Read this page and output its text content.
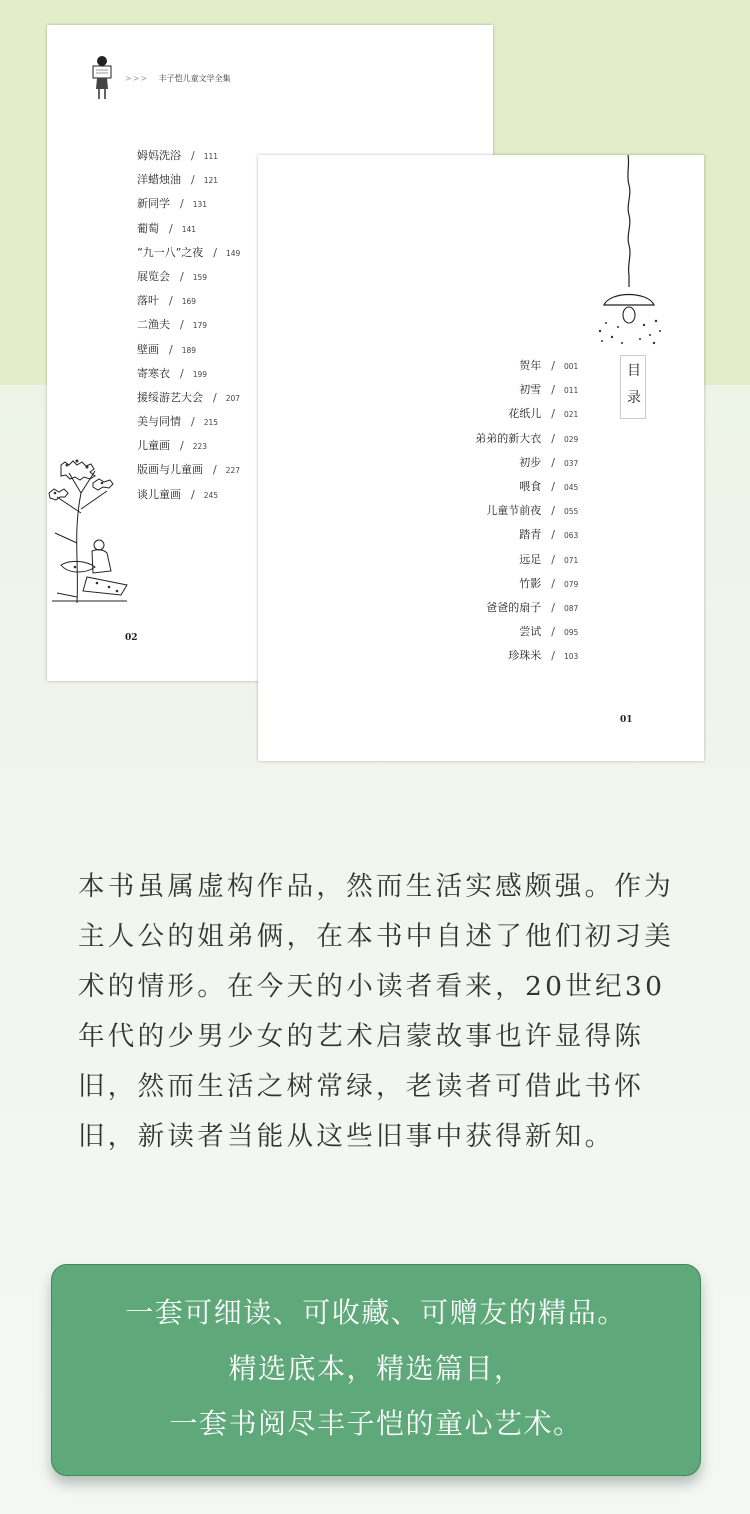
>>> 丰子恺儿童文学全集
姆妈洗浴 / 111
洋蜡烛油 / 121
新同学 / 131
葡萄 / 141
“九一八”之夜 / 149
展览会 / 159
落叶 / 169
二渔夫 / 179
壁画 / 189
寄寒衣 / 199
援绥游艺大会 / 207
美与同情 / 215
儿童画 / 223
版画与儿童画 / 227
谈儿童画 / 245
02
目
录
贺年 / 001
初雪 / 011
花纸儿 / 021
弟弟的新大衣 / 029
初步 / 037
喂食 / 045
儿童节前夜 / 055
踏青 / 063
远足 / 071
竹影 / 079
爸爸的扇子 / 087
尝试 / 095
珍珠米 / 103
01
本书虽属虚构作品，然而生活实感颇强。作为主人公的姐弟俩，在本书中自述了他们初习美术的情形。在今天的小读者看来，20世纪30年代的少男少女的艺术启蒙故事也许显得陈旧，然而生活之树常绿，老读者可借此书怀旧，新读者当能从这些旧事中获得新知。
一套可细读、可收藏、可赠友的精品。
精选底本，精选篇目，
一套书阅尽丰子恺的童心艺术。
